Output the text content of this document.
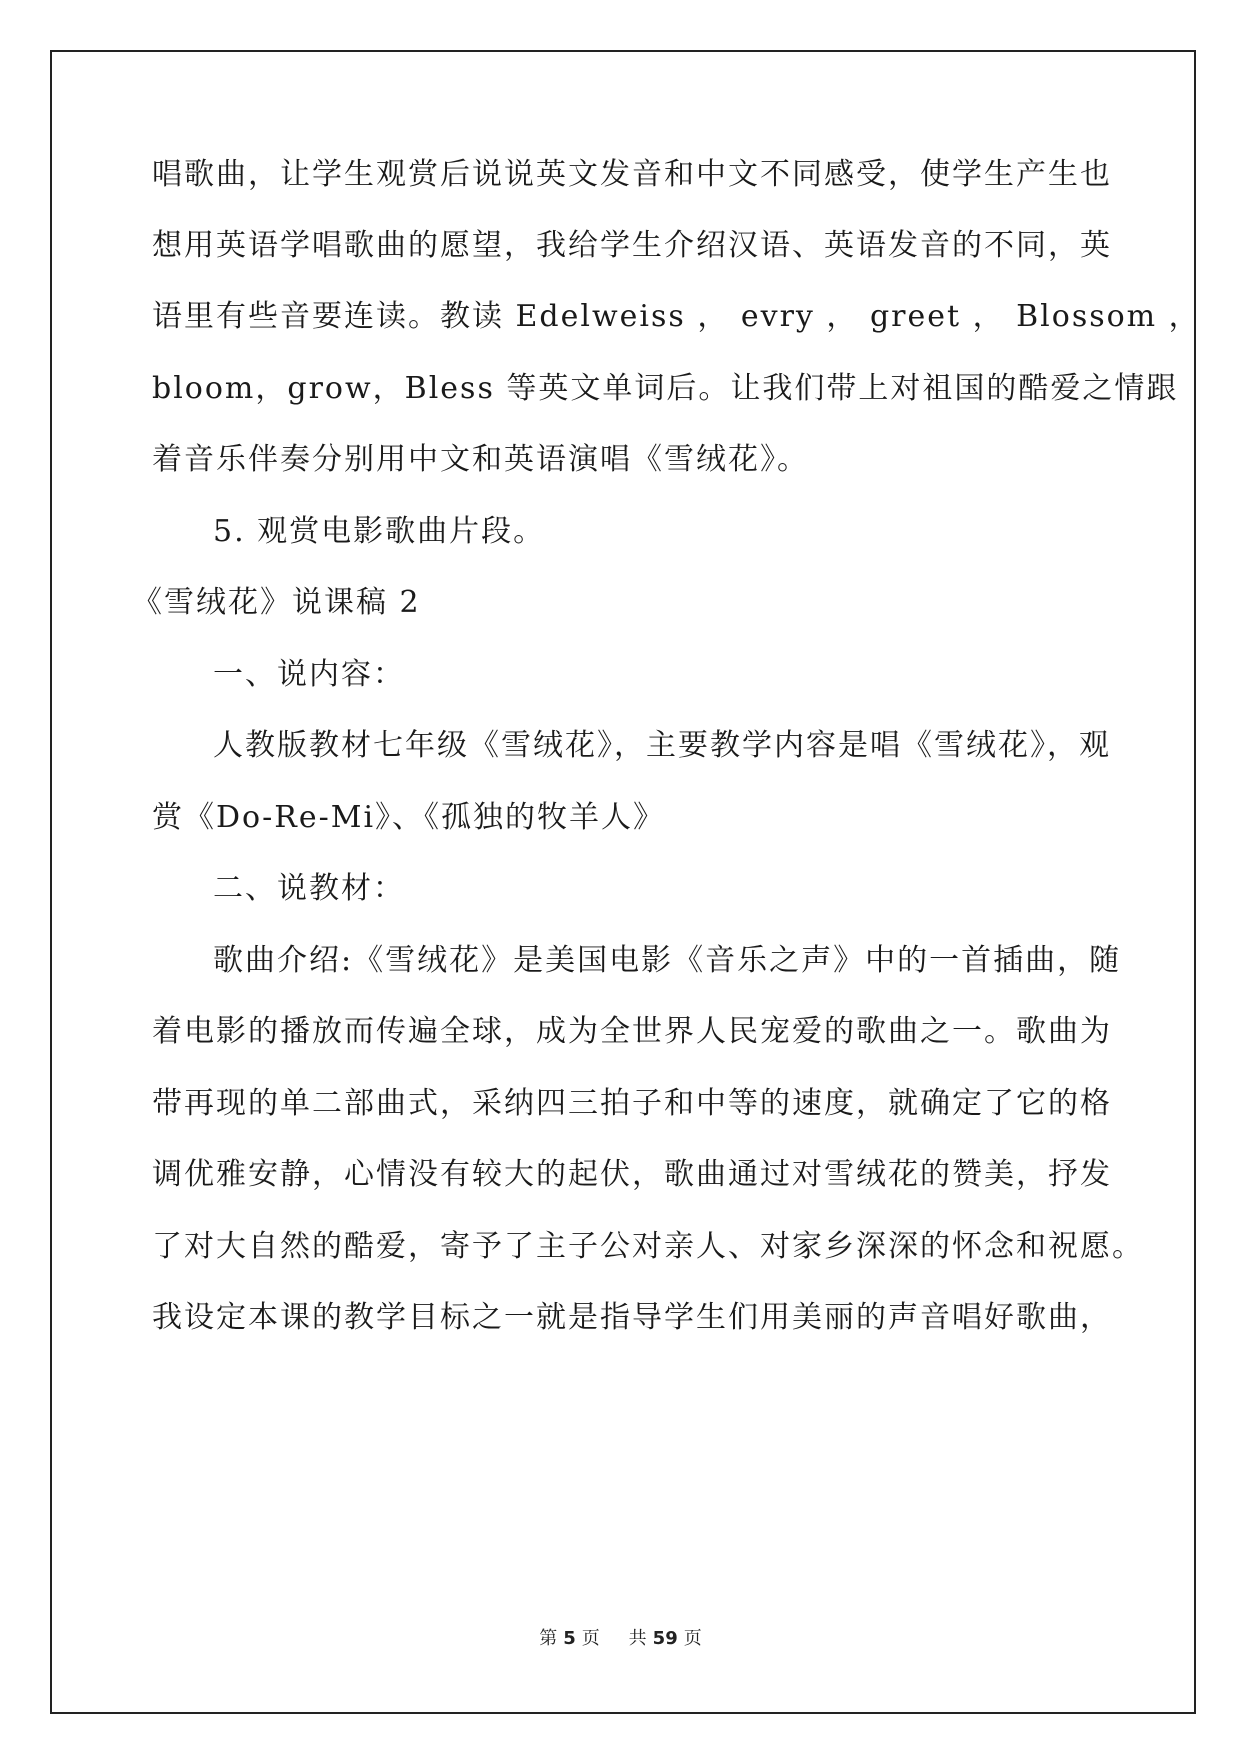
唱歌曲，让学生观赏后说说英文发音和中文不同感受，使学生产生也
想用英语学唱歌曲的愿望，我给学生介绍汉语、英语发音的不同，英
语里有些音要连读。教读 Edelweiss ， evry ， greet ， Blossom ，
bloom，grow，Bless 等英文单词后。让我们带上对祖国的酷爱之情跟
着音乐伴奏分别用中文和英语演唱《雪绒花》。
5. 观赏电影歌曲片段。
《雪绒花》说课稿 2
一、说内容：
人教版教材七年级《雪绒花》，主要教学内容是唱《雪绒花》，观
赏《Do-Re-Mi》、《孤独的牧羊人》
二、说教材：
歌曲介绍:《雪绒花》是美国电影《音乐之声》中的一首插曲，随
着电影的播放而传遍全球，成为全世界人民宠爱的歌曲之一。歌曲为
带再现的单二部曲式，采纳四三拍子和中等的速度，就确定了它的格
调优雅安静，心情没有较大的起伏，歌曲通过对雪绒花的赞美，抒发
了对大自然的酷爱，寄予了主子公对亲人、对家乡深深的怀念和祝愿。
我设定本课的教学目标之一就是指导学生们用美丽的声音唱好歌曲，
第 5 页 共 59 页
